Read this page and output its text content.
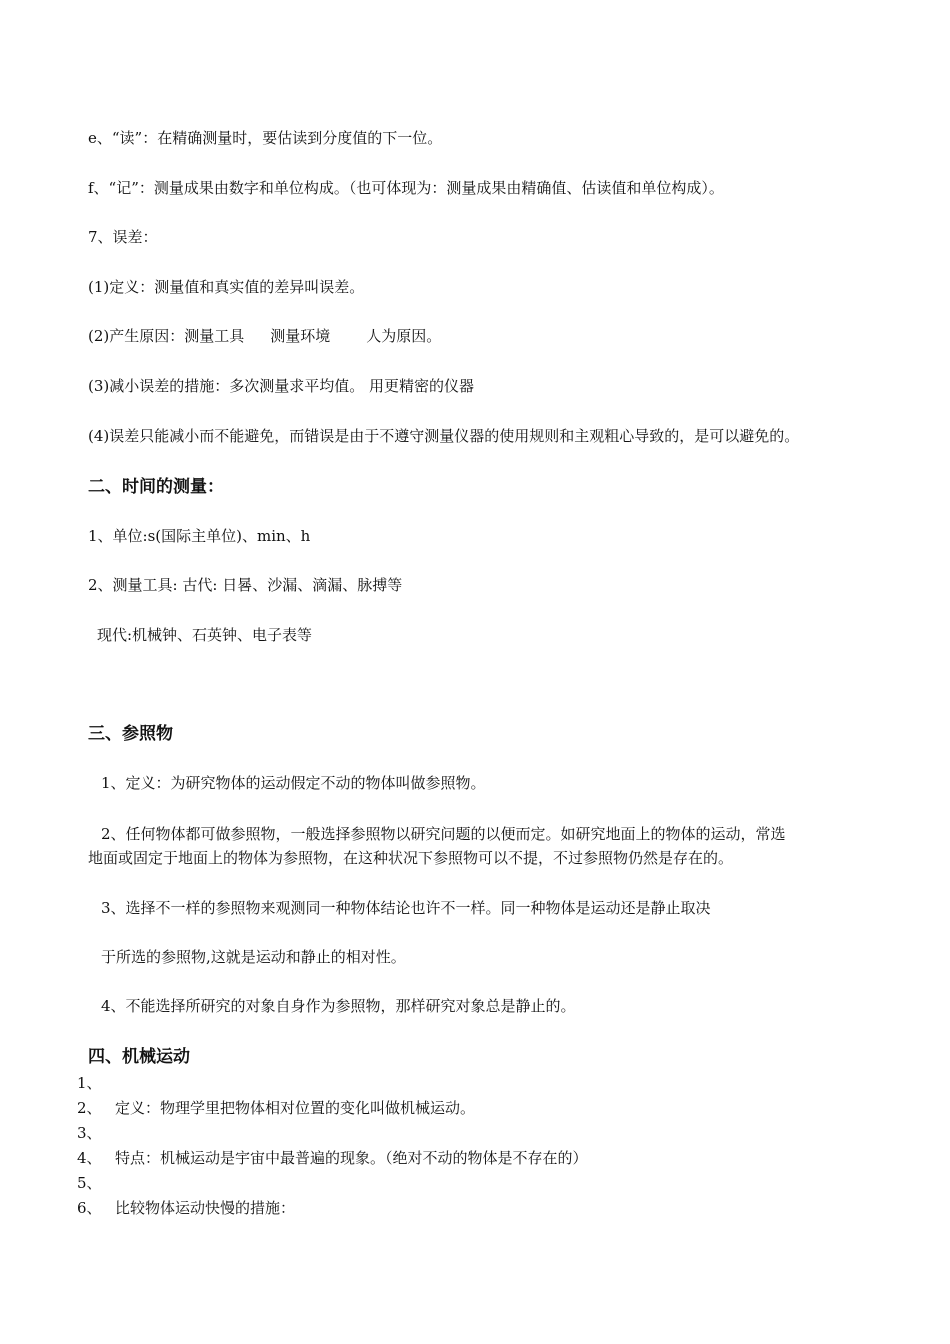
e、“读”：在精确测量时，要估读到分度值的下一位。
f、“记”：测量成果由数字和单位构成。（也可体现为：测量成果由精确值、估读值和单位构成）。
7、误差：
(1)定义：测量值和真实值的差异叫误差。
(2)产生原因：测量工具 测量环境 人为原因。
(3)减小误差的措施：多次测量求平均值。 用更精密的仪器
(4)误差只能减小而不能避免，而错误是由于不遵守测量仪器的使用规则和主观粗心导致的，是可以避免的。
二、时间的测量：
1、单位:s(国际主单位)、min、h
2、测量工具: 古代: 日晷、沙漏、滴漏、脉搏等
现代:机械钟、石英钟、电子表等
三、参照物
1、定义：为研究物体的运动假定不动的物体叫做参照物。
2、任何物体都可做参照物，一般选择参照物以研究问题的以便而定。如研究地面上的物体的运动，常选
地面或固定于地面上的物体为参照物，在这种状况下参照物可以不提，不过参照物仍然是存在的。
3、选择不一样的参照物来观测同一种物体结论也许不一样。同一种物体是运动还是静止取决
于所选的参照物,这就是运动和静止的相对性。
4、不能选择所研究的对象自身作为参照物，那样研究对象总是静止的。
四、机械运动
1、
2、 定义：物理学里把物体相对位置的变化叫做机械运动。
3、
4、 特点：机械运动是宇宙中最普遍的现象。（绝对不动的物体是不存在的）
5、
6、 比较物体运动快慢的措施：
